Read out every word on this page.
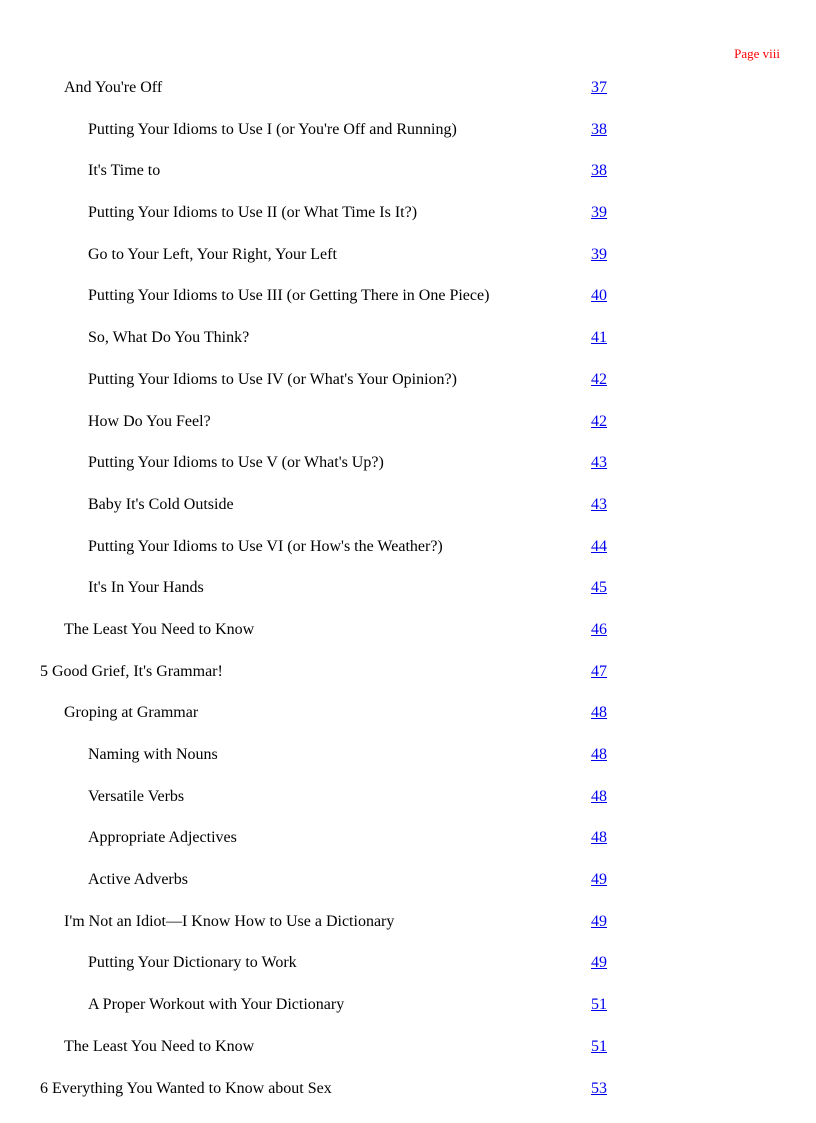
Page viii
And You're Off	37
Putting Your Idioms to Use I (or You're Off and Running)	38
It's Time to	38
Putting Your Idioms to Use II (or What Time Is It?)	39
Go to Your Left, Your Right, Your Left	39
Putting Your Idioms to Use III (or Getting There in One Piece)	40
So, What Do You Think?	41
Putting Your Idioms to Use IV (or What's Your Opinion?)	42
How Do You Feel?	42
Putting Your Idioms to Use V (or What's Up?)	43
Baby It's Cold Outside	43
Putting Your Idioms to Use VI (or How's the Weather?)	44
It's In Your Hands	45
The Least You Need to Know	46
5 Good Grief, It's Grammar!	47
Groping at Grammar	48
Naming with Nouns	48
Versatile Verbs	48
Appropriate Adjectives	48
Active Adverbs	49
I'm Not an Idiot—I Know How to Use a Dictionary	49
Putting Your Dictionary to Work	49
A Proper Workout with Your Dictionary	51
The Least You Need to Know	51
6 Everything You Wanted to Know about Sex	53
